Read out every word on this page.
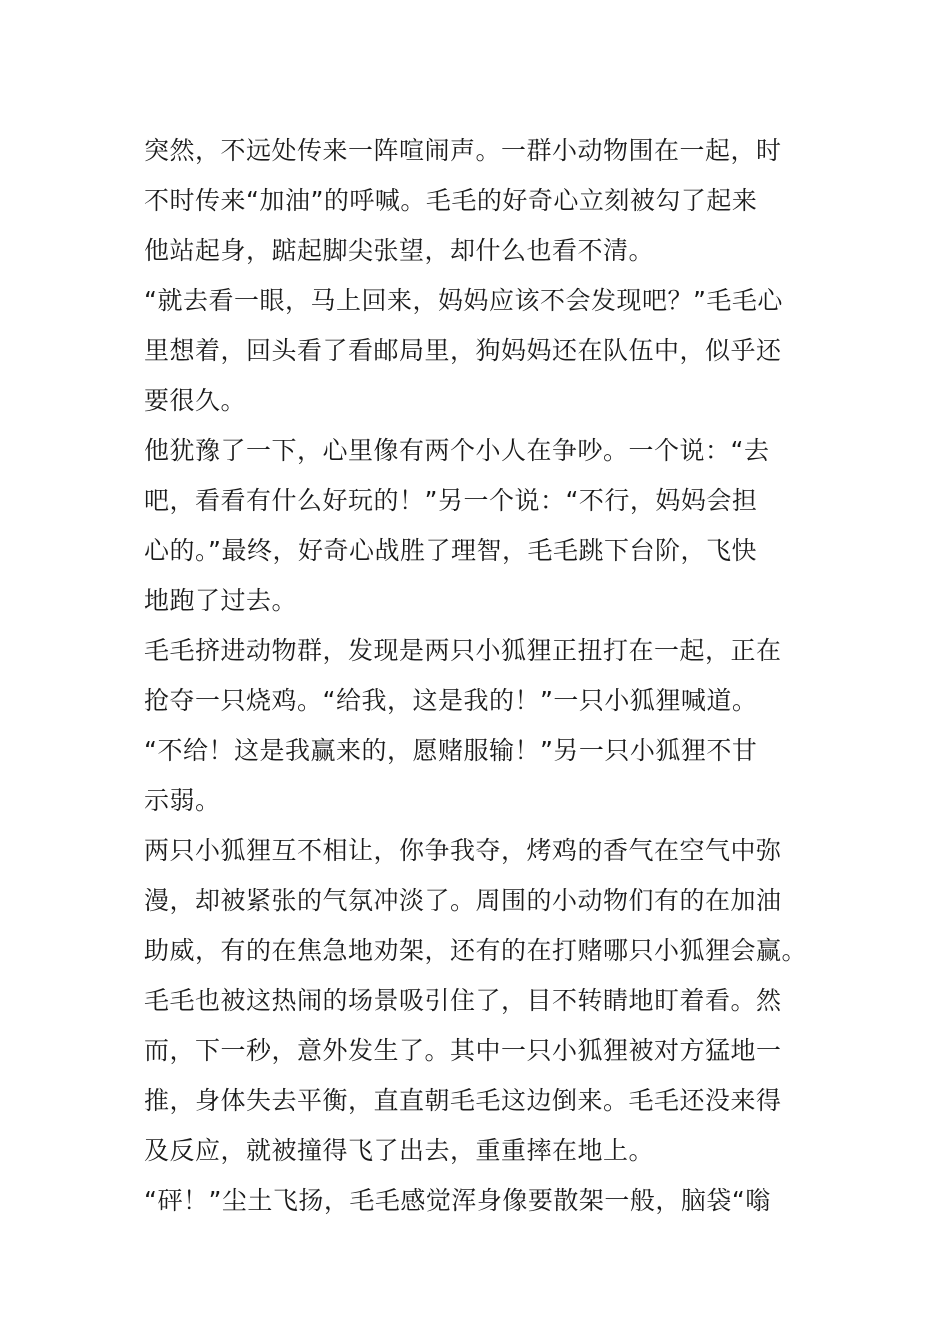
突然，不远处传来一阵喧闹声。一群小动物围在一起，时
不时传来“加油”的呼喊。毛毛的好奇心立刻被勾了起来
他站起身，踮起脚尖张望，却什么也看不清。
“就去看一眼，马上回来，妈妈应该不会发现吧？”毛毛心
里想着，回头看了看邮局里，狗妈妈还在队伍中，似乎还
要很久。
他犹豫了一下，心里像有两个小人在争吵。一个说：“去
吧，看看有什么好玩的！”另一个说：“不行，妈妈会担
心的。”最终，好奇心战胜了理智，毛毛跳下台阶，飞快
地跑了过去。
毛毛挤进动物群，发现是两只小狐狸正扭打在一起，正在
抢夺一只烧鸡。“给我，这是我的！”一只小狐狸喊道。
“不给！这是我赢来的，愿赌服输！”另一只小狐狸不甘
示弱。
两只小狐狸互不相让，你争我夺，烤鸡的香气在空气中弥
漫，却被紧张的气氛冲淡了。周围的小动物们有的在加油
助威，有的在焦急地劝架，还有的在打赌哪只小狐狸会赢。
毛毛也被这热闹的场景吸引住了，目不转睛地盯着看。然
而，下一秒，意外发生了。其中一只小狐狸被对方猛地一
推，身体失去平衡，直直朝毛毛这边倒来。毛毛还没来得
及反应，就被撞得飞了出去，重重摔在地上。
“砰！”尘土飞扬，毛毛感觉浑身像要散架一般，脑袋“嗡
